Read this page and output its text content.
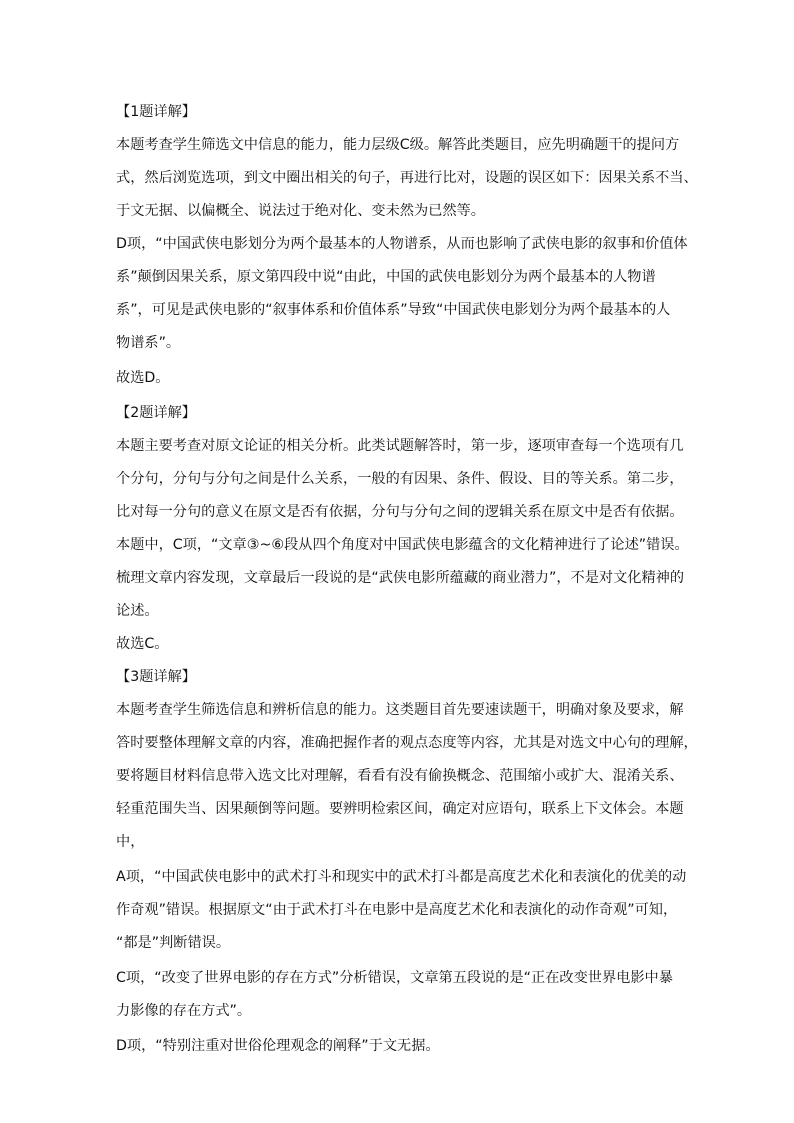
【1题详解】
本题考查学生筛选文中信息的能力，能力层级C级。解答此类题目，应先明确题干的提问方
式，然后浏览选项，到文中圈出相关的句子，再进行比对，设题的误区如下：因果关系不当、
于文无据、以偏概全、说法过于绝对化、变未然为已然等。
D项，“中国武侠电影划分为两个最基本的人物谱系，从而也影响了武侠电影的叙事和价值体
系”颠倒因果关系，原文第四段中说“由此，中国的武侠电影划分为两个最基本的人物谱
系”，可见是武侠电影的“叙事体系和价值体系”导致“中国武侠电影划分为两个最基本的人
物谱系”。
故选D。
【2题详解】
本题主要考查对原文论证的相关分析。此类试题解答时，第一步，逐项审查每一个选项有几
个分句，分句与分句之间是什么关系，一般的有因果、条件、假设、目的等关系。第二步，
比对每一分句的意义在原文是否有依据，分句与分句之间的逻辑关系在原文中是否有依据。
本题中，C项，“文章③~⑥段从四个角度对中国武侠电影蕴含的文化精神进行了论述”错误。
梳理文章内容发现，文章最后一段说的是“武侠电影所蕴藏的商业潜力”，不是对文化精神的
论述。
故选C。
【3题详解】
本题考查学生筛选信息和辨析信息的能力。这类题目首先要速读题干，明确对象及要求，解
答时要整体理解文章的内容，准确把握作者的观点态度等内容，尤其是对选文中心句的理解，
要将题目材料信息带入选文比对理解，看看有没有偷换概念、范围缩小或扩大、混淆关系、
轻重范围失当、因果颠倒等问题。要辨明检索区间，确定对应语句，联系上下文体会。本题
中，
A项，“中国武侠电影中的武术打斗和现实中的武术打斗都是高度艺术化和表演化的优美的动
作奇观”错误。根据原文“由于武术打斗在电影中是高度艺术化和表演化的动作奇观”可知，
“都是”判断错误。
C项，“改变了世界电影的存在方式”分析错误，文章第五段说的是“正在改变世界电影中暴
力影像的存在方式”。
D项，“特别注重对世俗伦理观念的阐释”于文无据。
